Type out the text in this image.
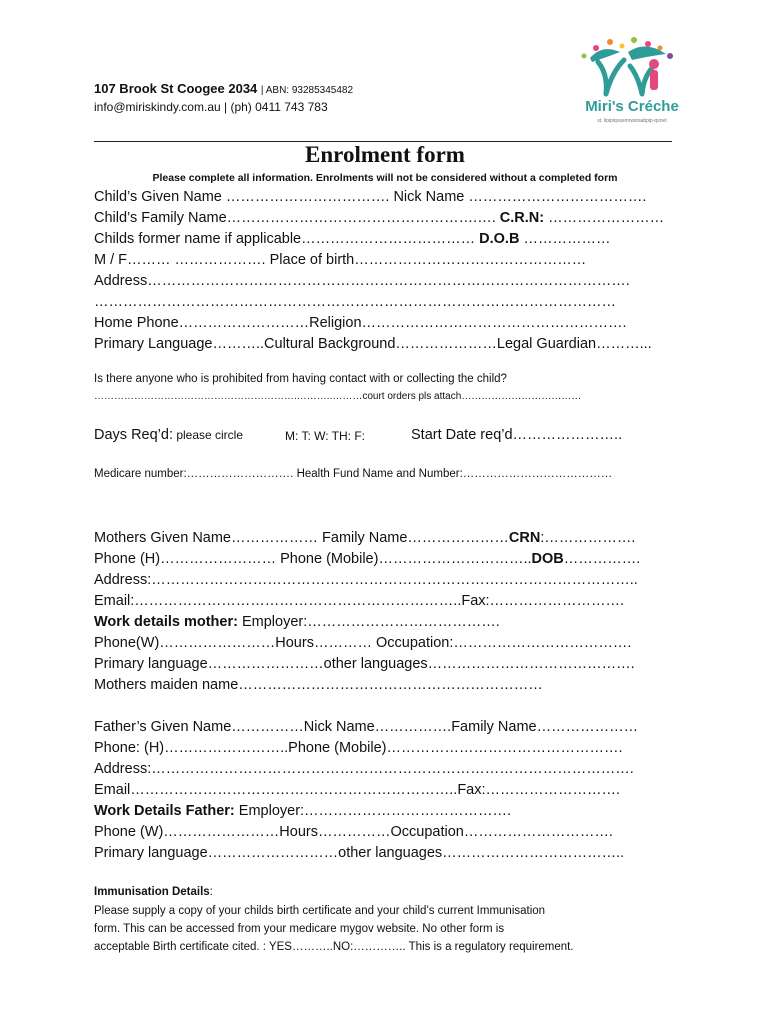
107 Brook St Coogee 2034 | ABN: 93285345482
info@miriskindy.com.au | (ph) 0411 743 783	Miri's Créche
st. ilpipiqvasmrwstaabpip-qsnet
Enrolment form
Please complete all information. Enrolments will not be considered without a completed form
Child’s Given Name ……………………………. Nick Name ……………………………….
Child’s Family Name…………………………………………….…. C.R.N: ……………………
Childs former name if applicable……………………………… D.O.B ………………
M / F……… ………………. Place of birth…………………………………………
Address……………………………………………………………………………………….
………………………………………………………………………………………………
Home Phone………………………Religion……………………………………………….
Primary Language………..Cultural Background…………………Legal Guardian………...
Is there anyone who is prohibited from having contact with or collecting the child?
…………………………………………………….………..………court orders pls attach………………………………
Days Req’d: please circle	M: T: W: TH: F:	Start Date req’d…………………..
Medicare number:………………………. Health Fund Name and Number:…………………………………
Mothers Given Name……………… Family Name…………………CRN:……………….
Phone (H)…………………… Phone (Mobile)…………………………..DOB…………….
Address:………………………………………………………………………………………..
Email:…………………………………………………………..Fax:……………………….
Work details mother: Employer:………………………………….
Phone(W)……………………Hours………… Occupation:……………………………….
Primary language……………………other languages…………………………………….
Mothers maiden name………………………………………………………
Father’s Given Name……………Nick Name…………….Family Name…………………
Phone: (H)……………………..Phone (Mobile)………………………………………….
Address:……………………………………………………………………………………….
Email…………………………………………………………..Fax:……………………….
Work Details Father: Employer:…………………………………….
Phone (W)……………………Hours……………Occupation………………………….
Primary language………………………other languages………………………………..
Immunisation Details:
Please supply a copy of your childs birth certificate and your child’s current Immunisation
form. This can be accessed from your medicare mygov website. No other form is
acceptable Birth certificate cited. : YES………..NO:………….. This is a regulatory requirement.
